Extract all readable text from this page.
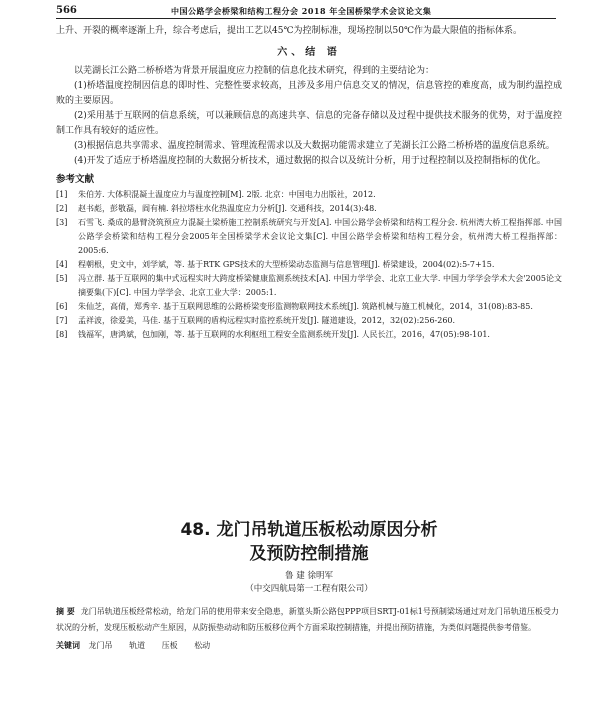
566	中国公路学会桥梁和结构工程分会 2018 年全国桥梁学术会议论文集

上升、开裂的概率逐渐上升，综合考虑后，提出工艺以45℃为控制标准，现场控制以50℃作为最大限值的指标体系。

六、结 语

以芜湖长江公路二桥桥塔为背景开展温度应力控制的信息化技术研究，得到的主要结论为：

(1)桥塔温度控制因信息的即时性、完整性要求较高，且涉及多用户信息交叉的情况，信息管控的难度高，成为制约温控成败的主要原因。

(2)采用基于互联网的信息系统，可以兼顾信息的高速共享、信息的完备存储以及过程中提供技术服务的优势，对于温度控制工作具有较好的适应性。

(3)根据信息共享需求、温度控制需求、管理流程需求以及大数据功能需求建立了芜湖长江公路二桥桥塔的温度信息系统。

(4)开发了适应于桥塔温度控制的大数据分析技术，通过数据的拟合以及统计分析，用于过程控制以及控制指标的优化。

参考文献
[1]	朱伯芳. 大体积混凝土温度应力与温度控制[M]. 2版. 北京：中国电力出版社，2012.
[2]	赵书彪，彭敬磊，阎有楠. 斜拉塔柱水化热温度应力分析[J]. 交通科技，2014(3):48.
[3]	石雪飞. 桑成的悬臂浇筑预应力混凝土梁桥施工控制系统研究与开发[A]. 中国公路学会桥梁和结构工程分会. 杭州湾大桥工程指挥部. 中国公路学会桥梁和结构工程分会2005年全国桥梁学术会议论文集[C]. 中国公路学会桥梁和结构工程分会，杭州湾大桥工程指挥部：2005:6.
[4]	程朝根，史文中，刘学斌，等. 基于RTK GPS技术的大型桥梁动态监测与信息管理[J]. 桥梁建设，2004(02):5-7+15.
[5]	冯立群. 基于互联网的集中式远程实时大跨度桥梁健康监测系统技术[A]. 中国力学学会、北京工业大学. 中国力学学会学术大会'2005论文摘要集(下)[C]. 中国力学学会、北京工业大学：2005:1.
[6]	朱仙芝，高倩，郑秀辛. 基于互联网思维的公路桥梁变形监测物联网技术系统[J]. 筑路机械与施工机械化，2014，31(08):83-85.
[7]	孟祥波，徐爱美，马佳. 基于互联网的盾构远程实时监控系统开发[J]. 隧道建设，2012，32(02):256-260.
[8]	钱福军，唐鸿斌，包加刚，等. 基于互联网的水利枢纽工程安全监测系统开发[J]. 人民长江，2016，47(05):98-101.
48. 龙门吊轨道压板松动原因分析
及预防控制措施
鲁 建 徐明军
（中交四航局第一工程有限公司）
摘 要 龙门吊轨道压板经常松动，给龙门吊的使用带来安全隐患，新篁头斯公路包PPP项目SRTJ-01标1号预制梁场通过对龙门吊轨道压板受力状况的分析，发现压板松动产生原因，从防振垫动动和防压板移位两个方面采取控制措施，并提出预防措施，为类似问题提供参考借鉴。
关键词 龙门吊 轨道 压板 松动
